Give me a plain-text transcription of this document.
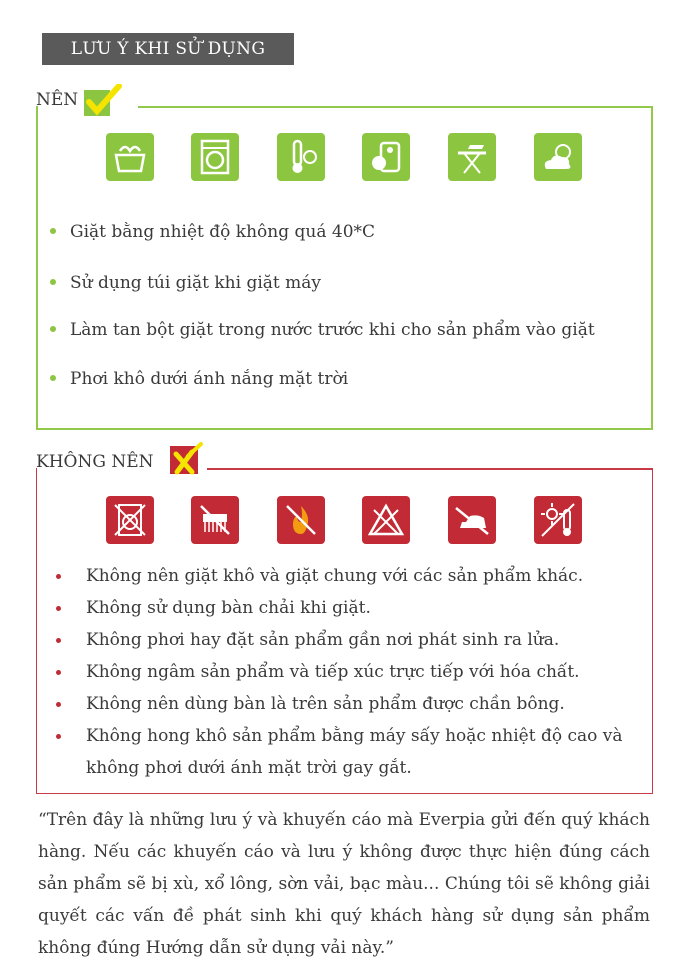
LƯU Ý KHI SỬ DỤNG
NÊN
Giặt bằng nhiệt độ không quá 40*C
Sử dụng túi giặt khi giặt máy
Làm tan bột giặt trong nước trước khi cho sản phẩm vào giặt
Phơi khô dưới ánh nắng mặt trời
KHÔNG NÊN
Không nên giặt khô và giặt chung với các sản phẩm khác.
Không sử dụng bàn chải khi giặt.
Không phơi hay đặt sản phẩm gần nơi phát sinh ra lửa.
Không ngâm sản phẩm và tiếp xúc trực tiếp với hóa chất.
Không nên dùng bàn là trên sản phẩm được chần bông.
Không hong khô sản phẩm bằng máy sấy hoặc nhiệt độ cao và không phơi dưới ánh mặt trời gay gắt.
“Trên đây là những lưu ý và khuyến cáo mà Everpia gửi đến quý khách hàng. Nếu các khuyến cáo và lưu ý không được thực hiện đúng cách sản phẩm sẽ bị xù, xổ lông, sờn vải, bạc màu... Chúng tôi sẽ không giải quyết các vấn đề phát sinh khi quý khách hàng sử dụng sản phẩm không đúng Hướng dẫn sử dụng vải này.”
